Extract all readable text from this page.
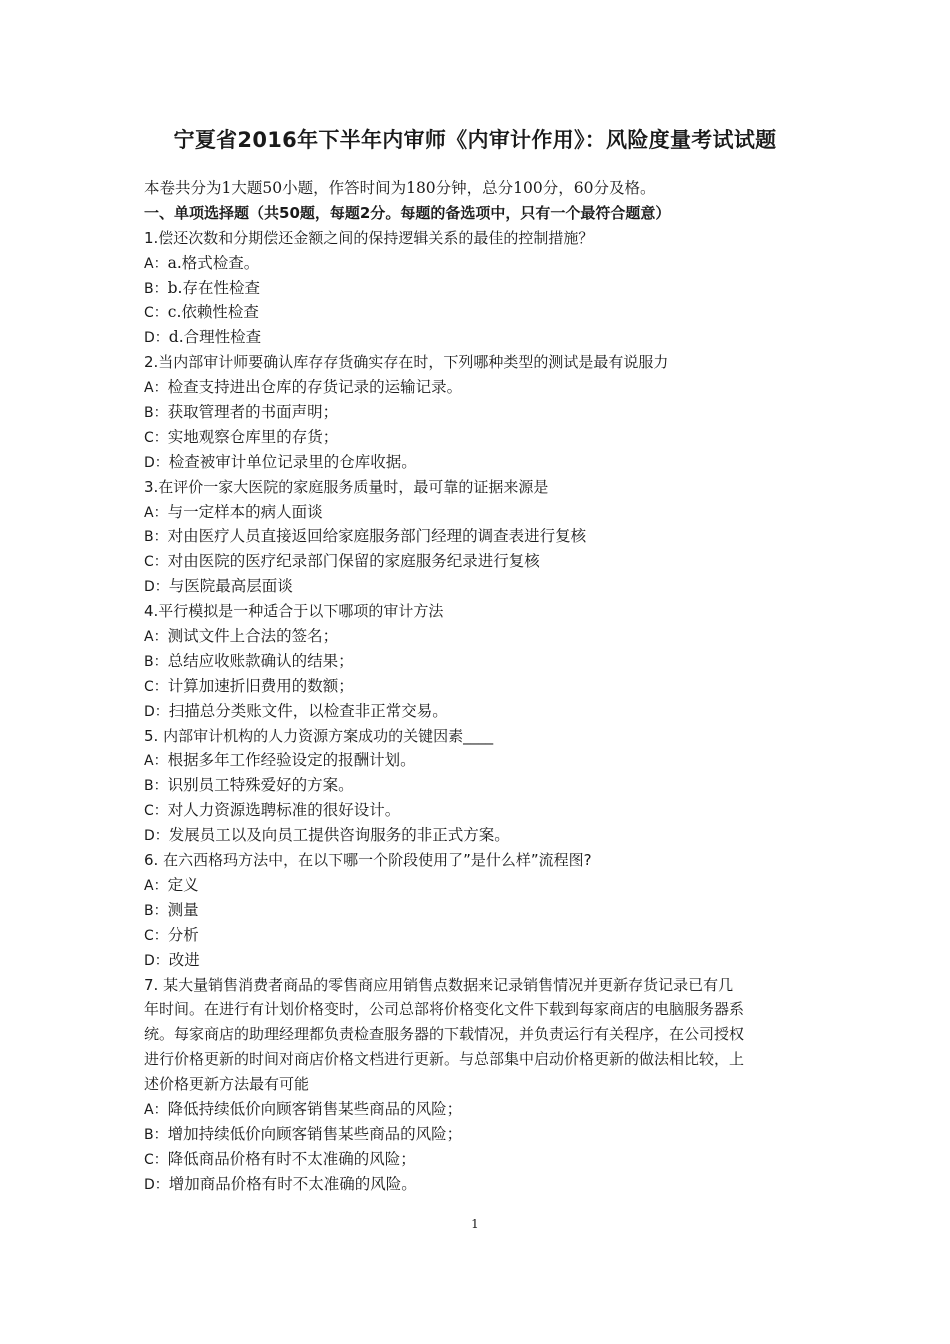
宁夏省2016年下半年内审师《内审计作用》：风险度量考试试题
本卷共分为1大题50小题，作答时间为180分钟，总分100分，60分及格。
一、单项选择题（共50题，每题2分。每题的备选项中，只有一个最符合题意）
1.偿还次数和分期偿还金额之间的保持逻辑关系的最佳的控制措施？
A：a.格式检查。
B：b.存在性检查
C：c.依赖性检查
D：d.合理性检查
2.当内部审计师要确认库存存货确实存在时，下列哪种类型的测试是最有说服力
A：检查支持进出仓库的存货记录的运输记录。
B：获取管理者的书面声明；
C：实地观察仓库里的存货；
D：检查被审计单位记录里的仓库收据。
3.在评价一家大医院的家庭服务质量时，最可靠的证据来源是
A：与一定样本的病人面谈
B：对由医疗人员直接返回给家庭服务部门经理的调查表进行复核
C：对由医院的医疗纪录部门保留的家庭服务纪录进行复核
D：与医院最高层面谈
4.平行模拟是一种适合于以下哪项的审计方法
A：测试文件上合法的签名；
B：总结应收账款确认的结果；
C：计算加速折旧费用的数额；
D：扫描总分类账文件，以检查非正常交易。
5. 内部审计机构的人力资源方案成功的关键因素____
A：根据多年工作经验设定的报酬计划。
B：识别员工特殊爱好的方案。
C：对人力资源选聘标准的很好设计。
D：发展员工以及向员工提供咨询服务的非正式方案。
6. 在六西格玛方法中，在以下哪一个阶段使用了”是什么样”流程图?
A：定义
B：测量
C：分析
D：改进
7. 某大量销售消费者商品的零售商应用销售点数据来记录销售情况并更新存货记录已有几
年时间。在进行有计划价格变时，公司总部将价格变化文件下载到每家商店的电脑服务器系
统。每家商店的助理经理都负责检查服务器的下载情况，并负责运行有关程序，在公司授权
进行价格更新的时间对商店价格文档进行更新。与总部集中启动价格更新的做法相比较，上
述价格更新方法最有可能
A：降低持续低价向顾客销售某些商品的风险；
B：增加持续低价向顾客销售某些商品的风险；
C：降低商品价格有时不太准确的风险；
D：增加商品价格有时不太准确的风险。
1
